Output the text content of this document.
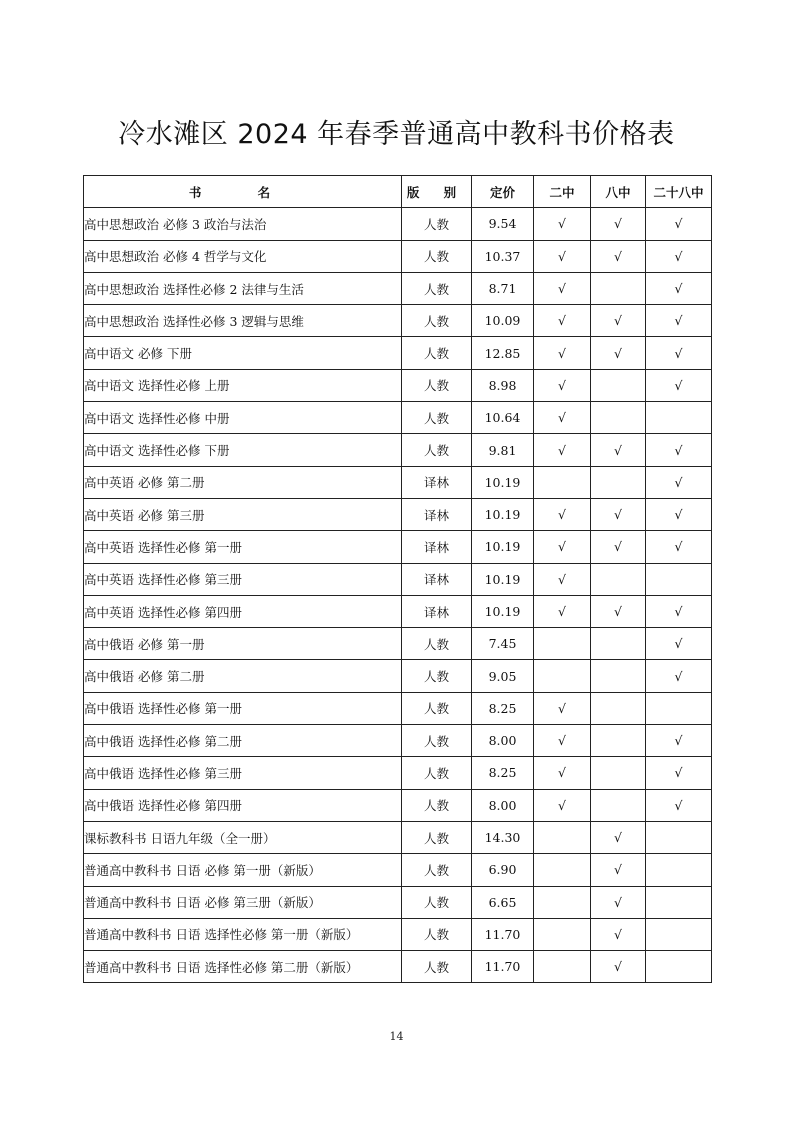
冷水滩区 2024 年春季普通高中教科书价格表
书 名	版 别	定价	二中	八中	二十八中
高中思想政治 必修 3 政治与法治	人教	9.54	√	√	√
高中思想政治 必修 4 哲学与文化	人教	10.37	√	√	√
高中思想政治 选择性必修 2 法律与生活	人教	8.71	√		√
高中思想政治 选择性必修 3 逻辑与思维	人教	10.09	√	√	√
高中语文 必修 下册	人教	12.85	√	√	√
高中语文 选择性必修 上册	人教	8.98	√		√
高中语文 选择性必修 中册	人教	10.64	√		
高中语文 选择性必修 下册	人教	9.81	√	√	√
高中英语 必修 第二册	译林	10.19			√
高中英语 必修 第三册	译林	10.19	√	√	√
高中英语 选择性必修 第一册	译林	10.19	√	√	√
高中英语 选择性必修 第三册	译林	10.19	√		
高中英语 选择性必修 第四册	译林	10.19	√	√	√
高中俄语 必修 第一册	人教	7.45			√
高中俄语 必修 第二册	人教	9.05			√
高中俄语 选择性必修 第一册	人教	8.25	√		
高中俄语 选择性必修 第二册	人教	8.00	√		√
高中俄语 选择性必修 第三册	人教	8.25	√		√
高中俄语 选择性必修 第四册	人教	8.00	√		√
课标教科书 日语九年级（全一册）	人教	14.30		√	
普通高中教科书 日语 必修 第一册（新版）	人教	6.90		√	
普通高中教科书 日语 必修 第三册（新版）	人教	6.65		√	
普通高中教科书 日语 选择性必修 第一册（新版）	人教	11.70		√	
普通高中教科书 日语 选择性必修 第二册（新版）	人教	11.70		√	
14
